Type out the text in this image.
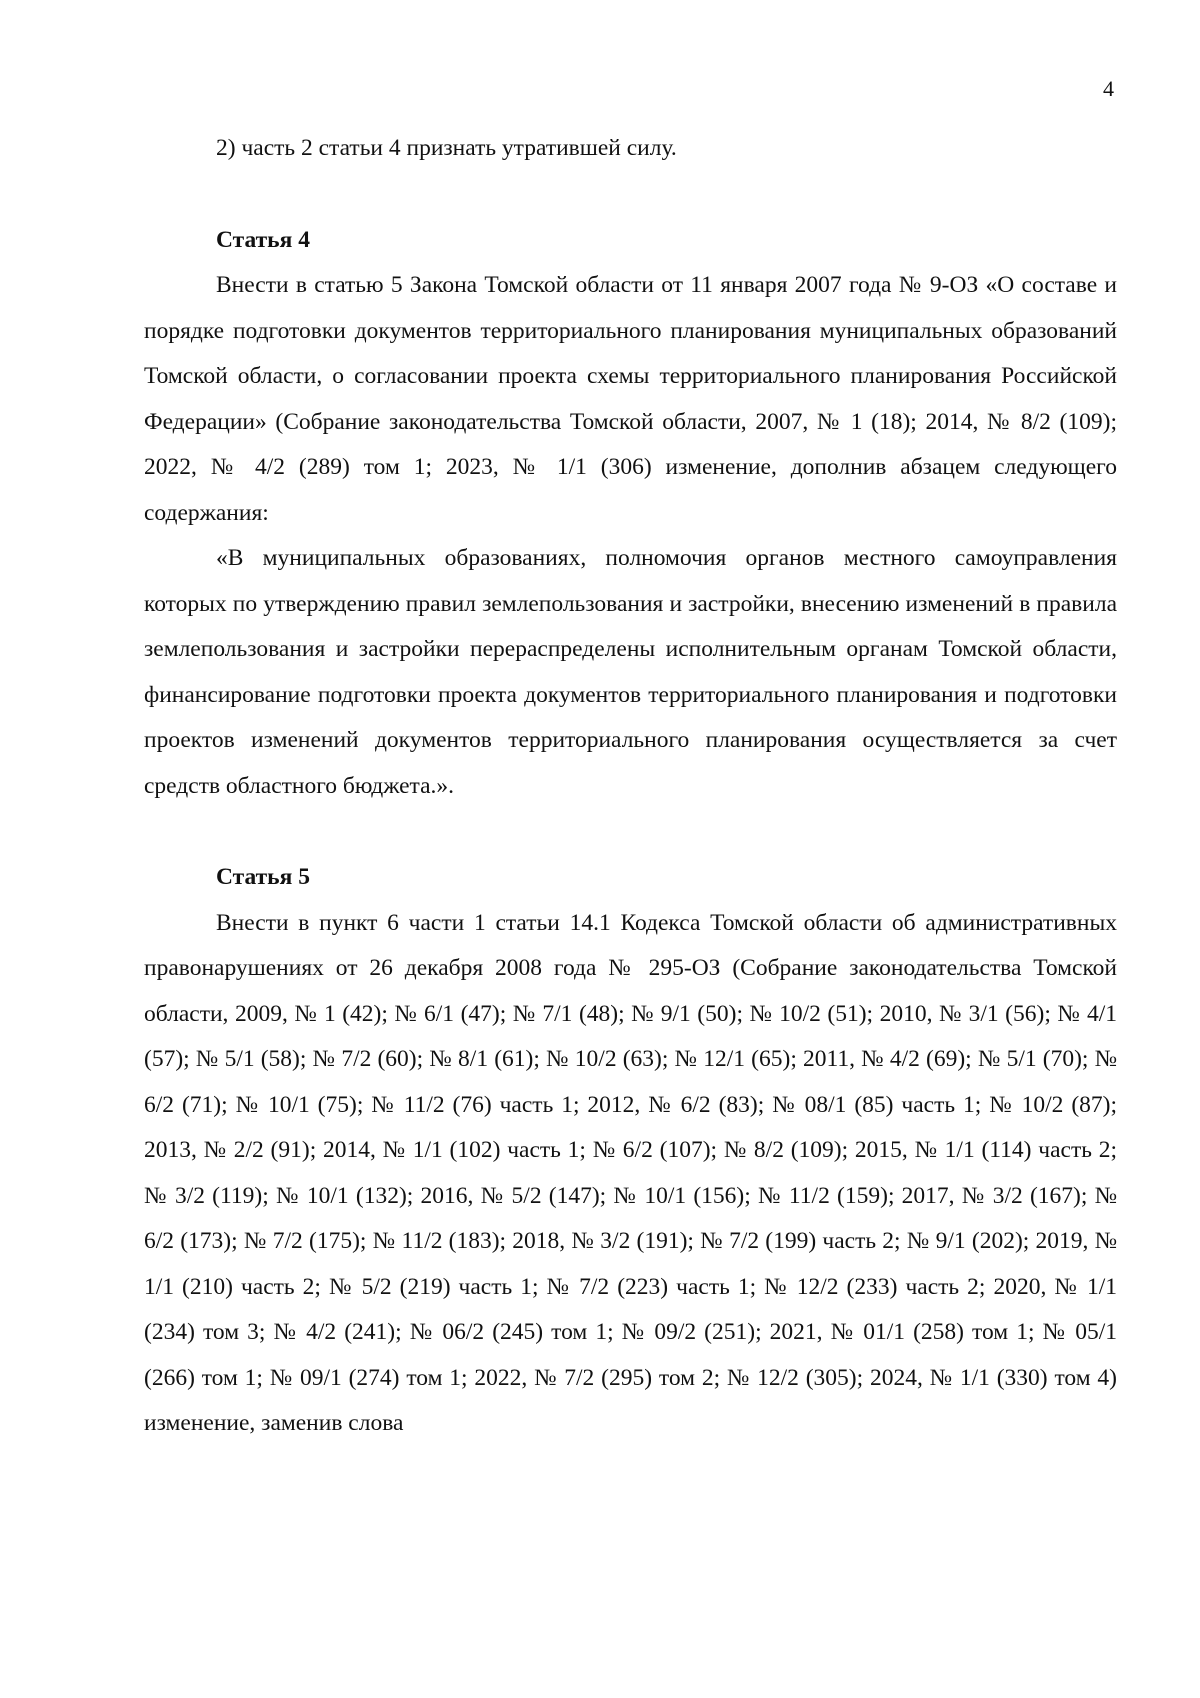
4

2) часть 2 статьи 4 признать утратившей силу.

Статья 4

Внести в статью 5 Закона Томской области от 11 января 2007 года № 9-ОЗ «О составе и порядке подготовки документов территориального планирования муниципальных образований Томской области, о согласовании проекта схемы территориального планирования Российской Федерации» (Собрание законодательства Томской области, 2007, № 1 (18); 2014, № 8/2 (109); 2022, № 4/2 (289) том 1; 2023, № 1/1 (306) изменение, дополнив абзацем следующего содержания:

«В муниципальных образованиях, полномочия органов местного самоуправления которых по утверждению правил землепользования и застройки, внесению изменений в правила землепользования и застройки перераспределены исполнительным органам Томской области, финансирование подготовки проекта документов территориального планирования и подготовки проектов изменений документов территориального планирования осуществляется за счет средств областного бюджета.».

Статья 5

Внести в пункт 6 части 1 статьи 14.1 Кодекса Томской области об административных правонарушениях от 26 декабря 2008 года № 295-ОЗ (Собрание законодательства Томской области, 2009, № 1 (42); № 6/1 (47); № 7/1 (48); № 9/1 (50); № 10/2 (51); 2010, № 3/1 (56); № 4/1 (57); № 5/1 (58); № 7/2 (60); № 8/1 (61); № 10/2 (63); № 12/1 (65); 2011, № 4/2 (69); № 5/1 (70); № 6/2 (71); № 10/1 (75); № 11/2 (76) часть 1; 2012, № 6/2 (83); № 08/1 (85) часть 1; № 10/2 (87); 2013, № 2/2 (91); 2014, № 1/1 (102) часть 1; № 6/2 (107); № 8/2 (109); 2015, № 1/1 (114) часть 2; № 3/2 (119); № 10/1 (132); 2016, № 5/2 (147); № 10/1 (156); № 11/2 (159); 2017, № 3/2 (167); № 6/2 (173); № 7/2 (175); № 11/2 (183); 2018, № 3/2 (191); № 7/2 (199) часть 2; № 9/1 (202); 2019, № 1/1 (210) часть 2; № 5/2 (219) часть 1; № 7/2 (223) часть 1; № 12/2 (233) часть 2; 2020, № 1/1 (234) том 3; № 4/2 (241); № 06/2 (245) том 1; № 09/2 (251); 2021, № 01/1 (258) том 1; № 05/1 (266) том 1; № 09/1 (274) том 1; 2022, № 7/2 (295) том 2; № 12/2 (305); 2024, № 1/1 (330) том 4) изменение, заменив слова
